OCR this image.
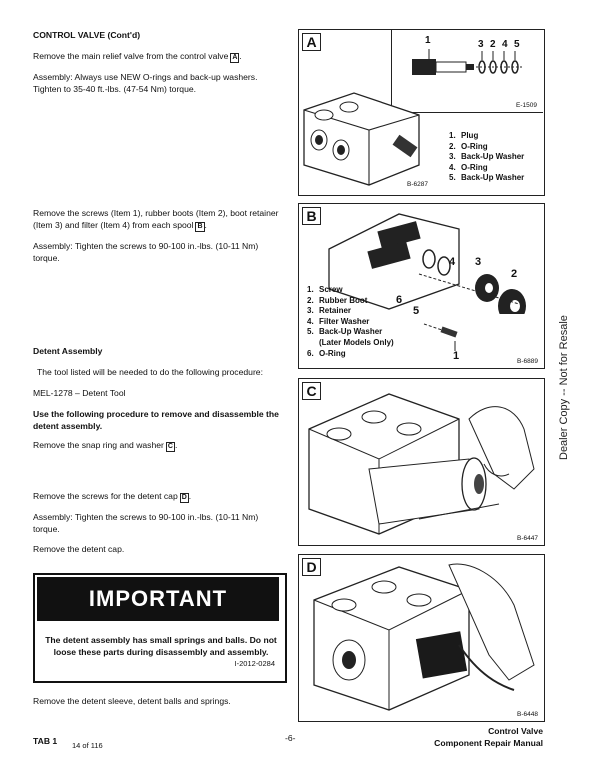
CONTROL VALVE (Cont'd)
Remove the main relief valve from the control valve A .
Assembly: Always use NEW O-rings and back-up washers. Tighten to 35-40 ft.-lbs. (47-54 Nm) torque.
Remove the screws (Item 1), rubber boots (Item 2), boot retainer (Item 3) and filter (Item 4) from each spool B .
Assembly: Tighten the screws to 90-100 in.-lbs. (10-11 Nm) torque.
Detent Assembly
The tool listed will be needed to do the following procedure:
MEL-1278 – Detent Tool
Use the following procedure to remove and disassemble the detent assembly.
Remove the snap ring and washer C .
Remove the screws for the detent cap D .
Assembly: Tighten the screws to 90-100 in.-lbs. (10-11 Nm) torque.
Remove the detent cap.
IMPORTANT
The detent assembly has small springs and balls. Do not loose these parts during disassembly and assembly.
I-2012-0284
Remove the detent sleeve, detent balls and springs.
A	1	3 2 4 5
E-1509
B-6287
1. Plug
2. O-Ring
3. Back-Up Washer
4. O-Ring
5. Back-Up Washer
B
4 3
2
6
5
1
1. Screw
2. Rubber Boot
3. Retainer
4. Filter Washer
5. Back-Up Washer
(Later Models Only)
6. O-Ring
B-6889
C
B-6447
D
B-6448
Dealer Copy -- Not for Resale
TAB 1 14 of 116
-6-
Control Valve
Component Repair Manual
